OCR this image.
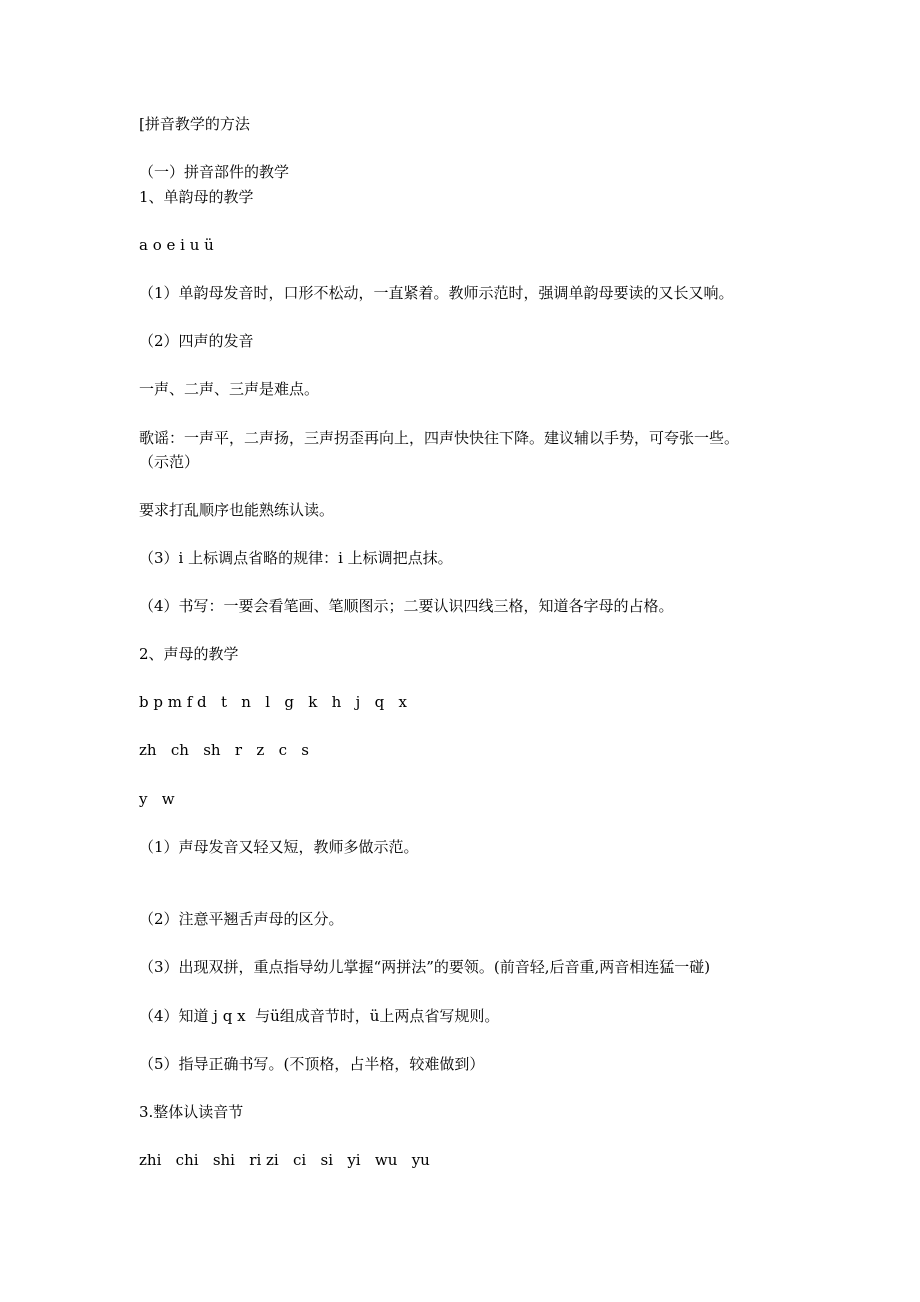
[拼音教学的方法

（一）拼音部件的教学

1、单韵母的教学

a o e i u ü

（1）单韵母发音时，口形不松动，一直紧着。教师示范时，强调单韵母要读的又长又响。

（2）四声的发音

一声、二声、三声是难点。

歌谣：一声平，二声扬，三声拐歪再向上，四声快快往下降。建议辅以手势，可夸张一些。

（示范）

要求打乱顺序也能熟练认读。

（3）i 上标调点省略的规律：i 上标调把点抹。

（4）书写：一要会看笔画、笔顺图示；二要认识四线三格，知道各字母的占格。

2、声母的教学

b p m f d   t   n   l   g   k   h   j   q   x

zh   ch   sh   r   z   c   s

y   w

（1）声母发音又轻又短，教师多做示范。

（2）注意平翘舌声母的区分。

（3）出现双拼，重点指导幼儿掌握“两拼法”的要领。(前音轻,后音重,两音相连猛一碰)

（4）知道 j q x  与ü组成音节时，ü上两点省写规则。

（5）指导正确书写。(不顶格，占半格，较难做到）

3.整体认读音节

zhi   chi   shi   ri zi   ci   si   yi   wu   yu
